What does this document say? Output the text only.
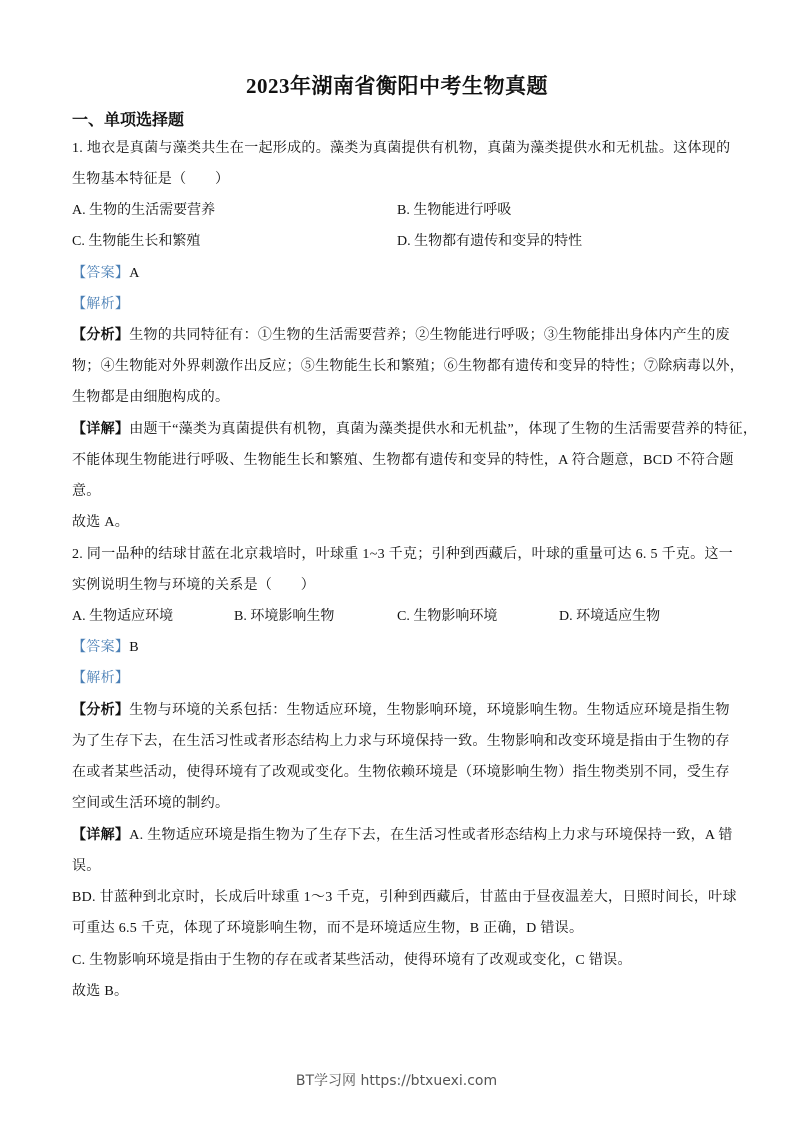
2023年湖南省衡阳中考生物真题
一、单项选择题
1. 地衣是真菌与藻类共生在一起形成的。藻类为真菌提供有机物，真菌为藻类提供水和无机盐。这体现的
生物基本特征是（　　）
A. 生物的生活需要营养	B. 生物能进行呼吸
C. 生物能生长和繁殖	D. 生物都有遗传和变异的特性
【答案】A
【解析】
【分析】生物的共同特征有：①生物的生活需要营养；②生物能进行呼吸；③生物能排出身体内产生的废
物；④生物能对外界刺激作出反应；⑤生物能生长和繁殖；⑥生物都有遗传和变异的特性；⑦除病毒以外，
生物都是由细胞构成的。
【详解】由题干“藻类为真菌提供有机物，真菌为藻类提供水和无机盐”，体现了生物的生活需要营养的特征，
不能体现生物能进行呼吸、生物能生长和繁殖、生物都有遗传和变异的特性，A 符合题意，BCD 不符合题
意。
故选 A。
2. 同一品种的结球甘蓝在北京栽培时，叶球重 1~3 千克；引种到西藏后，叶球的重量可达 6. 5 千克。这一
实例说明生物与环境的关系是（　　）
A. 生物适应环境	B. 环境影响生物	C. 生物影响环境	D. 环境适应生物
【答案】B
【解析】
【分析】生物与环境的关系包括：生物适应环境，生物影响环境，环境影响生物。生物适应环境是指生物
为了生存下去，在生活习性或者形态结构上力求与环境保持一致。生物影响和改变环境是指由于生物的存
在或者某些活动，使得环境有了改观或变化。生物依赖环境是（环境影响生物）指生物类别不同，受生存
空间或生活环境的制约。
【详解】A. 生物适应环境是指生物为了生存下去，在生活习性或者形态结构上力求与环境保持一致，A 错
误。
BD. 甘蓝种到北京时，长成后叶球重 1～3 千克，引种到西藏后，甘蓝由于昼夜温差大，日照时间长，叶球
可重达 6.5 千克，体现了环境影响生物，而不是环境适应生物，B 正确，D 错误。
C. 生物影响环境是指由于生物的存在或者某些活动，使得环境有了改观或变化，C 错误。
故选 B。
BT学习网 https://btxuexi.com
